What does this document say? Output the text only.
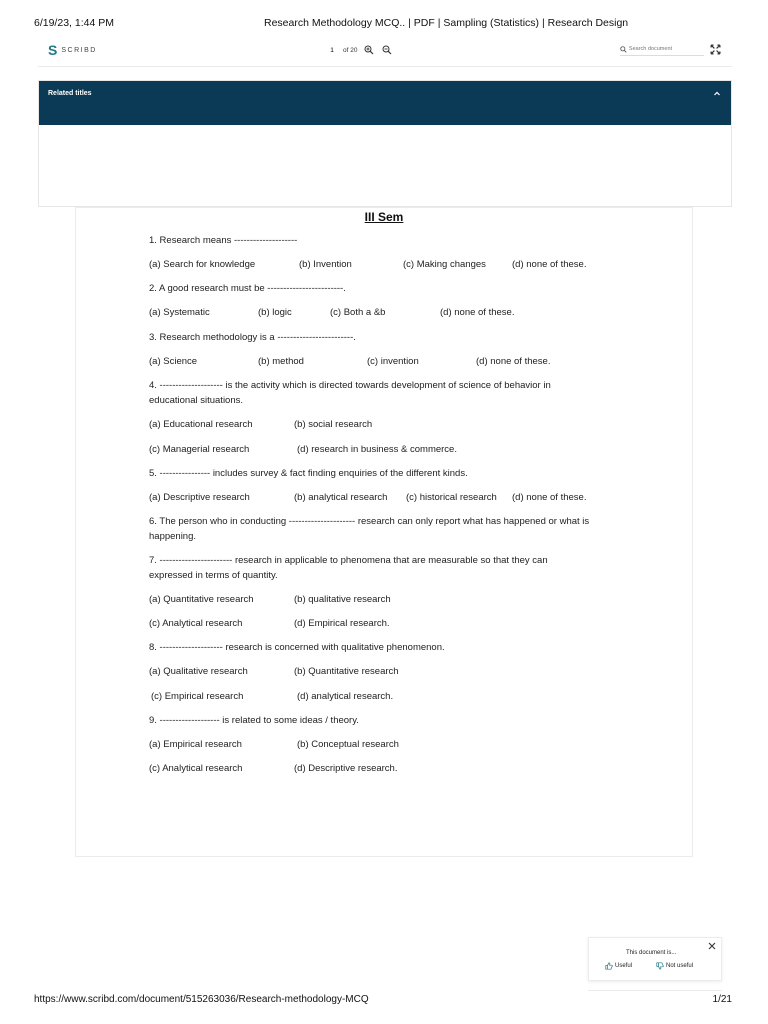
6/19/23, 1:44 PM	Research Methodology MCQ.. | PDF | Sampling (Statistics) | Research Design
S SCRIBD
1	of 20
Search document
Related titles
III Sem
1. Research means --------------------
(a) Search for knowledge	(b) Invention	(c) Making changes	(d) none of these.
2. A good research must be ------------------------.
(a) Systematic	(b) logic	(c) Both a &b	(d) none of these.
3. Research methodology is a ------------------------.
(a) Science	(b) method	(c) invention	(d) none of these.
4. -------------------- is the activity which is directed towards development of science of behavior in
educational situations.
(a) Educational research	(b) social research
(c) Managerial research	(d) research in business & commerce.
5. ---------------- includes survey & fact finding enquiries of the different kinds.
(a) Descriptive research	(b) analytical research (c) historical research (d) none of these.
6. The person who in conducting --------------------- research can only report what has happened or what is
happening.
7. ----------------------- research in applicable to phenomena that are measurable so that they can
expressed in terms of quantity.
(a) Quantitative research	(b) qualitative research
(c) Analytical research	(d) Empirical research.
8. -------------------- research is concerned with qualitative phenomenon.
(a) Qualitative research	(b) Quantitative research
(c) Empirical research	(d) analytical research.
9. ------------------- is related to some ideas / theory.
(a) Empirical research	(b) Conceptual research
(c) Analytical research	(d) Descriptive research.
This document is...
Useful	Not useful
https://www.scribd.com/document/515263036/Research-methodology-MCQ	1/21
